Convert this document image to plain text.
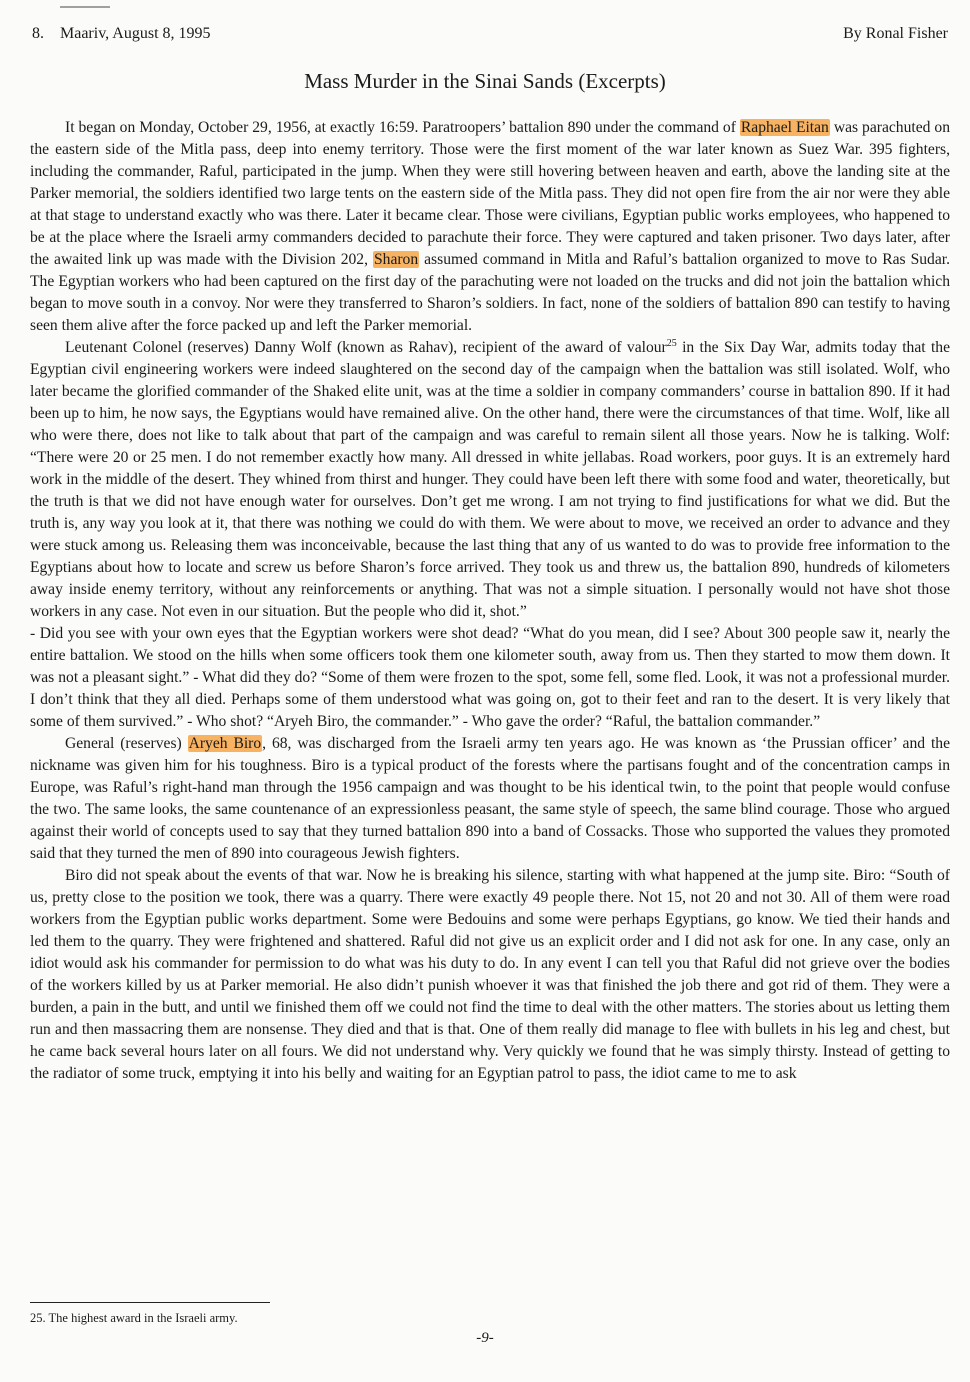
8. Maariv, August 8, 1995	By Ronal Fisher
Mass Murder in the Sinai Sands (Excerpts)

It began on Monday, October 29, 1956, at exactly 16:59. Paratroopers’ battalion 890 under the command of Raphael Eitan was parachuted on the eastern side of the Mitla pass, deep into enemy territory. Those were the first moment of the war later known as Suez War. 395 fighters, including the commander, Raful, participated in the jump. When they were still hovering between heaven and earth, above the landing site at the Parker memorial, the soldiers identified two large tents on the eastern side of the Mitla pass. They did not open fire from the air nor were they able at that stage to understand exactly who was there. Later it became clear. Those were civilians, Egyptian public works employees, who happened to be at the place where the Israeli army commanders decided to parachute their force. They were captured and taken prisoner. Two days later, after the awaited link up was made with the Division 202, Sharon assumed command in Mitla and Raful’s battalion organized to move to Ras Sudar. The Egyptian workers who had been captured on the first day of the parachuting were not loaded on the trucks and did not join the battalion which began to move south in a convoy. Nor were they transferred to Sharon’s soldiers. In fact, none of the soldiers of battalion 890 can testify to having seen them alive after the force packed up and left the Parker memorial.

Leutenant Colonel (reserves) Danny Wolf (known as Rahav), recipient of the award of valour$^{25}$ in the Six Day War, admits today that the Egyptian civil engineering workers were indeed slaughtered on the second day of the campaign when the battalion was still isolated. Wolf, who later became the glorified commander of the Shaked elite unit, was at the time a soldier in company commanders’ course in battalion 890. If it had been up to him, he now says, the Egyptians would have remained alive. On the other hand, there were the circumstances of that time. Wolf, like all who were there, does not like to talk about that part of the campaign and was careful to remain silent all those years. Now he is talking. Wolf: “There were 20 or 25 men. I do not remember exactly how many. All dressed in white jellabas. Road workers, poor guys. It is an extremely hard work in the middle of the desert. They whined from thirst and hunger. They could have been left there with some food and water, theoretically, but the truth is that we did not have enough water for ourselves. Don’t get me wrong. I am not trying to find justifications for what we did. But the truth is, any way you look at it, that there was nothing we could do with them. We were about to move, we received an order to advance and they were stuck among us. Releasing them was inconceivable, because the last thing that any of us wanted to do was to provide free information to the Egyptians about how to locate and screw us before Sharon’s force arrived. They took us and threw us, the battalion 890, hundreds of kilometers away inside enemy territory, without any reinforcements or anything. That was not a simple situation. I personally would not have shot those workers in any case. Not even in our situation. But the people who did it, shot.”

- Did you see with your own eyes that the Egyptian workers were shot dead? “What do you mean, did I see? About 300 people saw it, nearly the entire battalion. We stood on the hills when some officers took them one kilometer south, away from us. Then they started to mow them down. It was not a pleasant sight.” - What did they do? “Some of them were frozen to the spot, some fell, some fled. Look, it was not a professional murder. I don’t think that they all died. Perhaps some of them understood what was going on, got to their feet and ran to the desert. It is very likely that some of them survived.” - Who shot? “Aryeh Biro, the commander.” - Who gave the order? “Raful, the battalion commander.”

General (reserves) Aryeh Biro, 68, was discharged from the Israeli army ten years ago. He was known as ‘the Prussian officer’ and the nickname was given him for his toughness. Biro is a typical product of the forests where the partisans fought and of the concentration camps in Europe, was Raful’s right-hand man through the 1956 campaign and was thought to be his identical twin, to the point that people would confuse the two. The same looks, the same countenance of an expressionless peasant, the same style of speech, the same blind courage. Those who argued against their world of concepts used to say that they turned battalion 890 into a band of Cossacks. Those who supported the values they promoted said that they turned the men of 890 into courageous Jewish fighters.

Biro did not speak about the events of that war. Now he is breaking his silence, starting with what happened at the jump site. Biro: “South of us, pretty close to the position we took, there was a quarry. There were exactly 49 people there. Not 15, not 20 and not 30. All of them were road workers from the Egyptian public works department. Some were Bedouins and some were perhaps Egyptians, go know. We tied their hands and led them to the quarry. They were frightened and shattered. Raful did not give us an explicit order and I did not ask for one. In any case, only an idiot would ask his commander for permission to do what was his duty to do. In any event I can tell you that Raful did not grieve over the bodies of the workers killed by us at Parker memorial. He also didn’t punish whoever it was that finished the job there and got rid of them. They were a burden, a pain in the butt, and until we finished them off we could not find the time to deal with the other matters. The stories about us letting them run and then massacring them are nonsense. They died and that is that. One of them really did manage to flee with bullets in his leg and chest, but he came back several hours later on all fours. We did not understand why. Very quickly we found that he was simply thirsty. Instead of getting to the radiator of some truck, emptying it into his belly and waiting for an Egyptian patrol to pass, the idiot came to me to ask

25. The highest award in the Israeli army.
-9-
